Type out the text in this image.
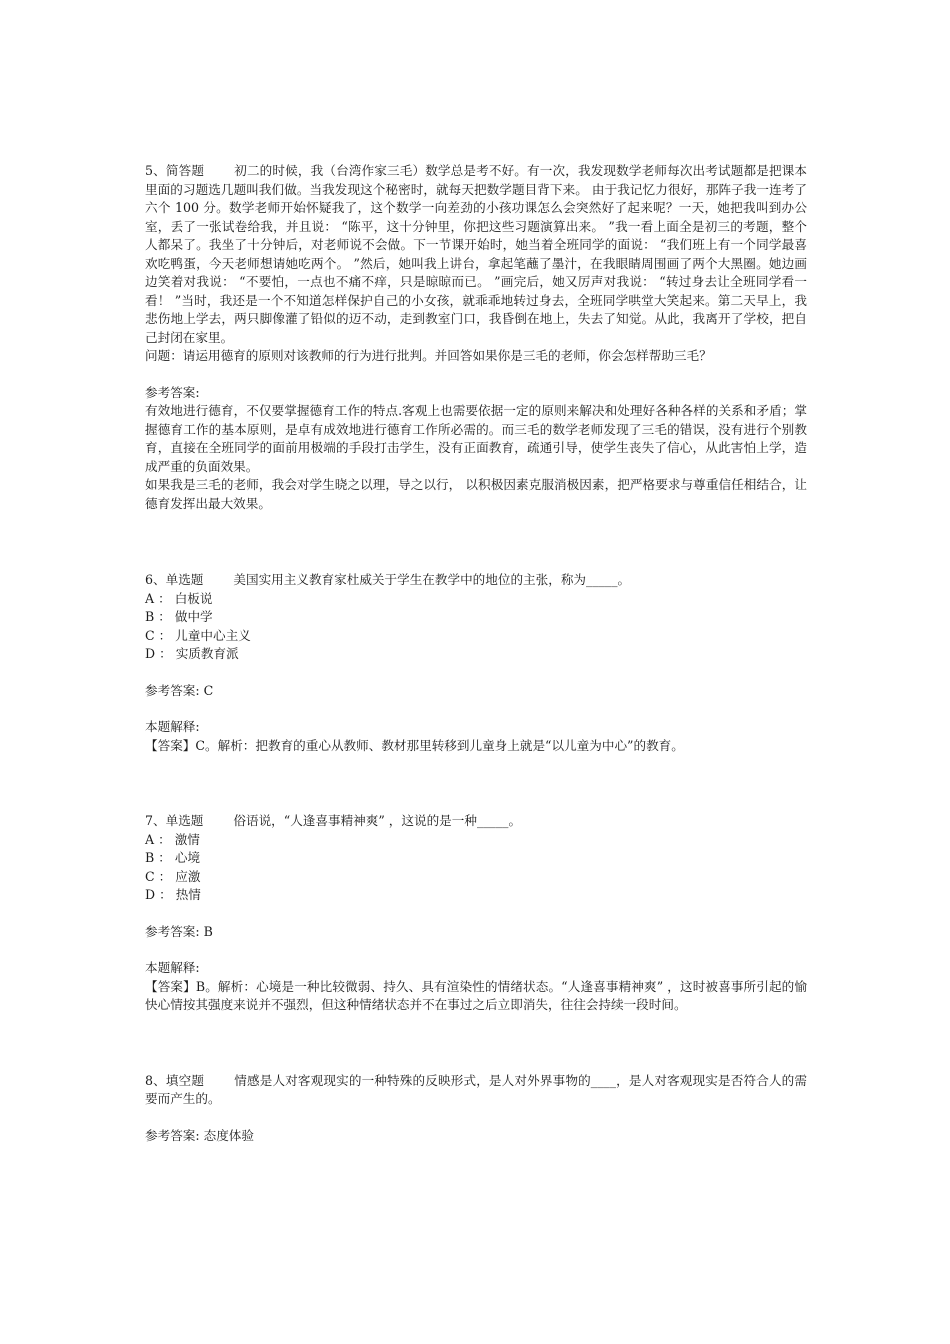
5、简答题 初二的时候，我（台湾作家三毛）数学总是考不好。有一次，我发现数学老师每次出考试题都是把课本里面的习题选几题叫我们做。当我发现这个秘密时，就每天把数学题目背下来。 由于我记忆力很好，那阵子我一连考了六个 100 分。数学老师开始怀疑我了，这个数学一向差劲的小孩功课怎么会突然好了起来呢？一天，她把我叫到办公室，丢了一张试卷给我，并且说： “陈平，这十分钟里，你把这些习题演算出来。 ”我一看上面全是初三的考题，整个人都呆了。我坐了十分钟后，对老师说不会做。下一节课开始时，她当着全班同学的面说： “我们班上有一个同学最喜欢吃鸭蛋，今天老师想请她吃两个。 ”然后，她叫我上讲台，拿起笔蘸了墨汁，在我眼睛周围画了两个大黑圈。她边画边笑着对我说： “不要怕，一点也不痛不痒，只是晾晾而已。 ”画完后，她又厉声对我说： “转过身去让全班同学看一看！ ”当时，我还是一个不知道怎样保护自己的小女孩，就乖乖地转过身去，全班同学哄堂大笑起来。第二天早上，我悲伤地上学去，两只脚像灌了铅似的迈不动，走到教室门口，我昏倒在地上，失去了知觉。从此，我离开了学校，把自己封闭在家里。

问题：请运用德育的原则对该教师的行为进行批判。并回答如果你是三毛的老师，你会怎样帮助三毛？

参考答案:

有效地进行德育，不仅要掌握德育工作的特点.客观上也需要依据一定的原则来解决和处理好各种各样的关系和矛盾；掌握德育工作的基本原则，是卓有成效地进行德育工作所必需的。而三毛的数学老师发现了三毛的错误，没有进行个别教育，直接在全班同学的面前用极端的手段打击学生，没有正面教育，疏通引导，使学生丧失了信心，从此害怕上学，造成严重的负面效果。

如果我是三毛的老师，我会对学生晓之以理，导之以行， 以积极因素克服消极因素，把严格要求与尊重信任相结合，让德育发挥出最大效果。

6、单选题 美国实用主义教育家杜威关于学生在教学中的地位的主张，称为_____。

A ： 白板说

B ： 做中学

C ： 儿童中心主义

D ： 实质教育派

参考答案: C

本题解释:

【答案】C。解析：把教育的重心从教师、教材那里转移到儿童身上就是“以儿童为中心”的教育。

7、单选题 俗语说，“人逢喜事精神爽” ，这说的是一种_____。

A ： 激情

B ： 心境

C ： 应激

D ： 热情

参考答案: B

本题解释:

【答案】B。解析：心境是一种比较微弱、持久、具有渲染性的情绪状态。“人逢喜事精神爽” ，这时被喜事所引起的愉快心情按其强度来说并不强烈，但这种情绪状态并不在事过之后立即消失，往往会持续一段时间。

8、填空题 情感是人对客观现实的一种特殊的反映形式，是人对外界事物的____，是人对客观现实是否符合人的需要而产生的。

参考答案: 态度体验
